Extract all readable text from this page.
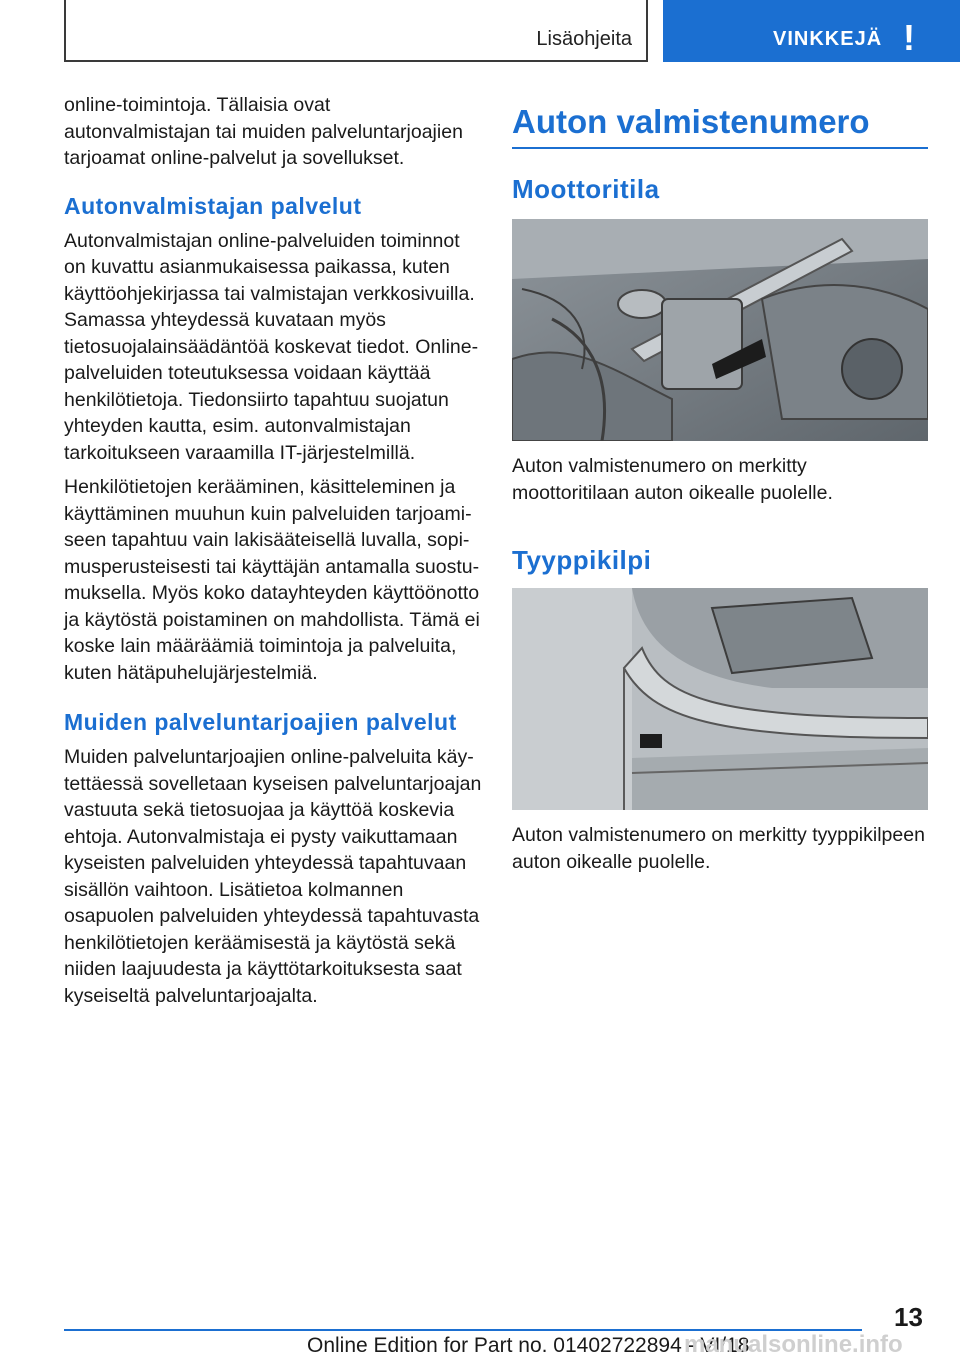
Lisäohjeita	VINKKEJÄ !

online-toimintoja. Tällaisia ovat autonvalmistajan tai muiden palveluntarjoajien tarjoamat online-palvelut ja sovellukset.

Autonvalmistajan palvelut

Autonvalmistajan online-palveluiden toiminnot on kuvattu asianmukaisessa paikassa, kuten käyttöohjekirjassa tai valmistajan verkkosivuilla. Samassa yhteydessä kuvataan myös tietosuojalainsäädäntöä koskevat tiedot. Online-palveluiden toteutuksessa voidaan käyttää henkilötietoja. Tiedonsiirto tapahtuu suojatun yhteyden kautta, esim. autonvalmistajan tarkoitukseen varaamilla IT-järjestelmillä.

Henkilötietojen kerääminen, käsitteleminen ja käyttäminen muuhun kuin palveluiden tarjoamiseen tapahtuu vain lakisääteisellä luvalla, sopimusperusteisesti tai käyttäjän antamalla suostumuksella. Myös koko datayhteyden käyttöönotto ja käytöstä poistaminen on mahdollista. Tämä ei koske lain määräämiä toimintoja ja palveluita, kuten hätäpuhelujärjestelmiä.

Muiden palveluntarjoajien palvelut

Muiden palveluntarjoajien online-palveluita käytettäessä sovelletaan kyseisen palveluntarjoajan vastuuta sekä tietosuojaa ja käyttöä koskevia ehtoja. Autonvalmistaja ei pysty vaikuttamaan kyseisten palveluiden yhteydessä tapahtuvaan sisällön vaihtoon. Lisätietoa kolmannen osapuolen palveluiden yhteydessä tapahtuvasta henkilötietojen keräämisestä ja käytöstä sekä niiden laajuudesta ja käyttötarkoituksesta saat kyseiseltä palveluntarjoajalta.

Auton valmistenumero
Moottoritila

Auton valmistenumero on merkitty moottoritilaan auton oikealle puolelle.

Tyyppikilpi

Auton valmistenumero on merkitty tyyppikilpeen auton oikealle puolelle.

13
Online Edition for Part no. 01402722894 - VI/18
manualsonline.info
